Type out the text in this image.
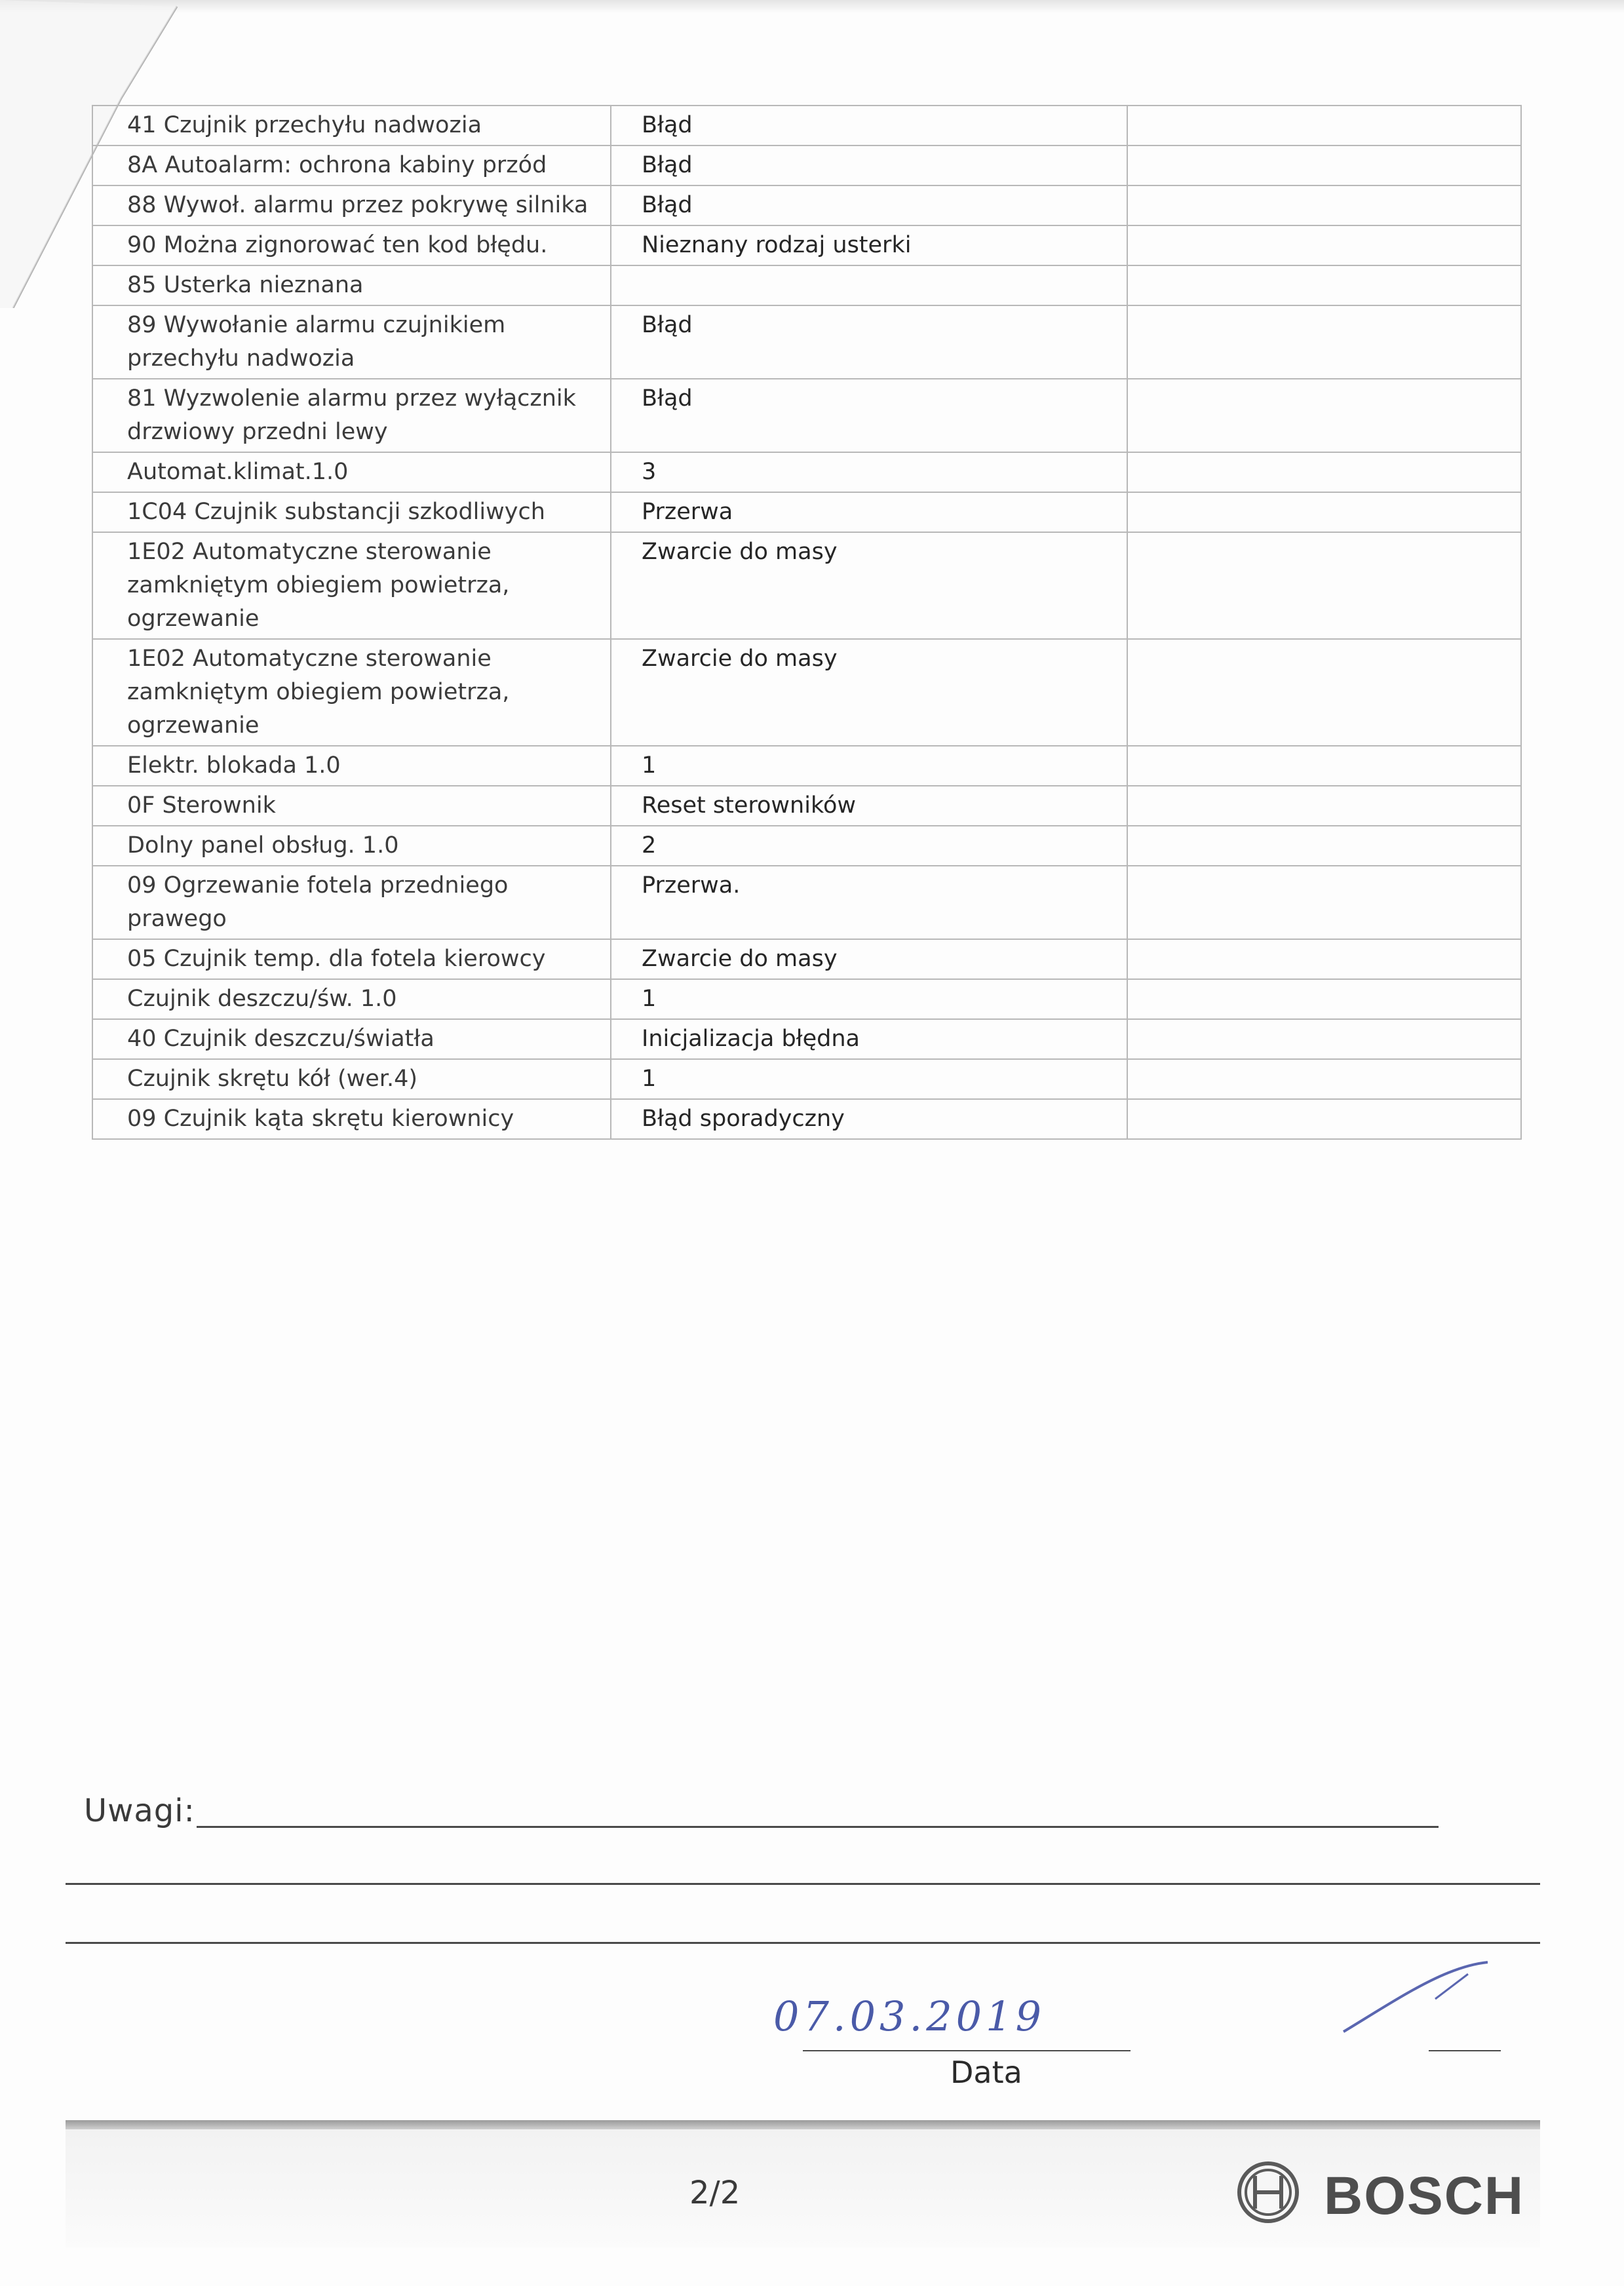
41 Czujnik przechyłu nadwozia	Błąd	
8A Autoalarm: ochrona kabiny przód	Błąd	
88 Wywoł. alarmu przez pokrywę silnika	Błąd	
90 Można zignorować ten kod błędu.	Nieznany rodzaj usterki	
85 Usterka nieznana		
89 Wywołanie alarmu czujnikiem przechyłu nadwozia	Błąd	
81 Wyzwolenie alarmu przez wyłącznik drzwiowy przedni lewy	Błąd	
Automat.klimat.1.0	3	
1C04 Czujnik substancji szkodliwych	Przerwa	
1E02 Automatyczne sterowanie zamkniętym obiegiem powietrza, ogrzewanie	Zwarcie do masy	
1E02 Automatyczne sterowanie zamkniętym obiegiem powietrza, ogrzewanie	Zwarcie do masy	
Elektr. blokada 1.0	1	
0F Sterownik	Reset sterowników	
Dolny panel obsług. 1.0	2	
09 Ogrzewanie fotela przedniego prawego	Przerwa.	
05 Czujnik temp. dla fotela kierowcy	Zwarcie do masy	
Czujnik deszczu/św. 1.0	1	
40 Czujnik deszczu/światła	Inicjalizacja błędna	
Czujnik skrętu kół (wer.4)	1	
09 Czujnik kąta skrętu kierownicy	Błąd sporadyczny	
Uwagi:
07.03.2019
Data
2/2	BOSCH
